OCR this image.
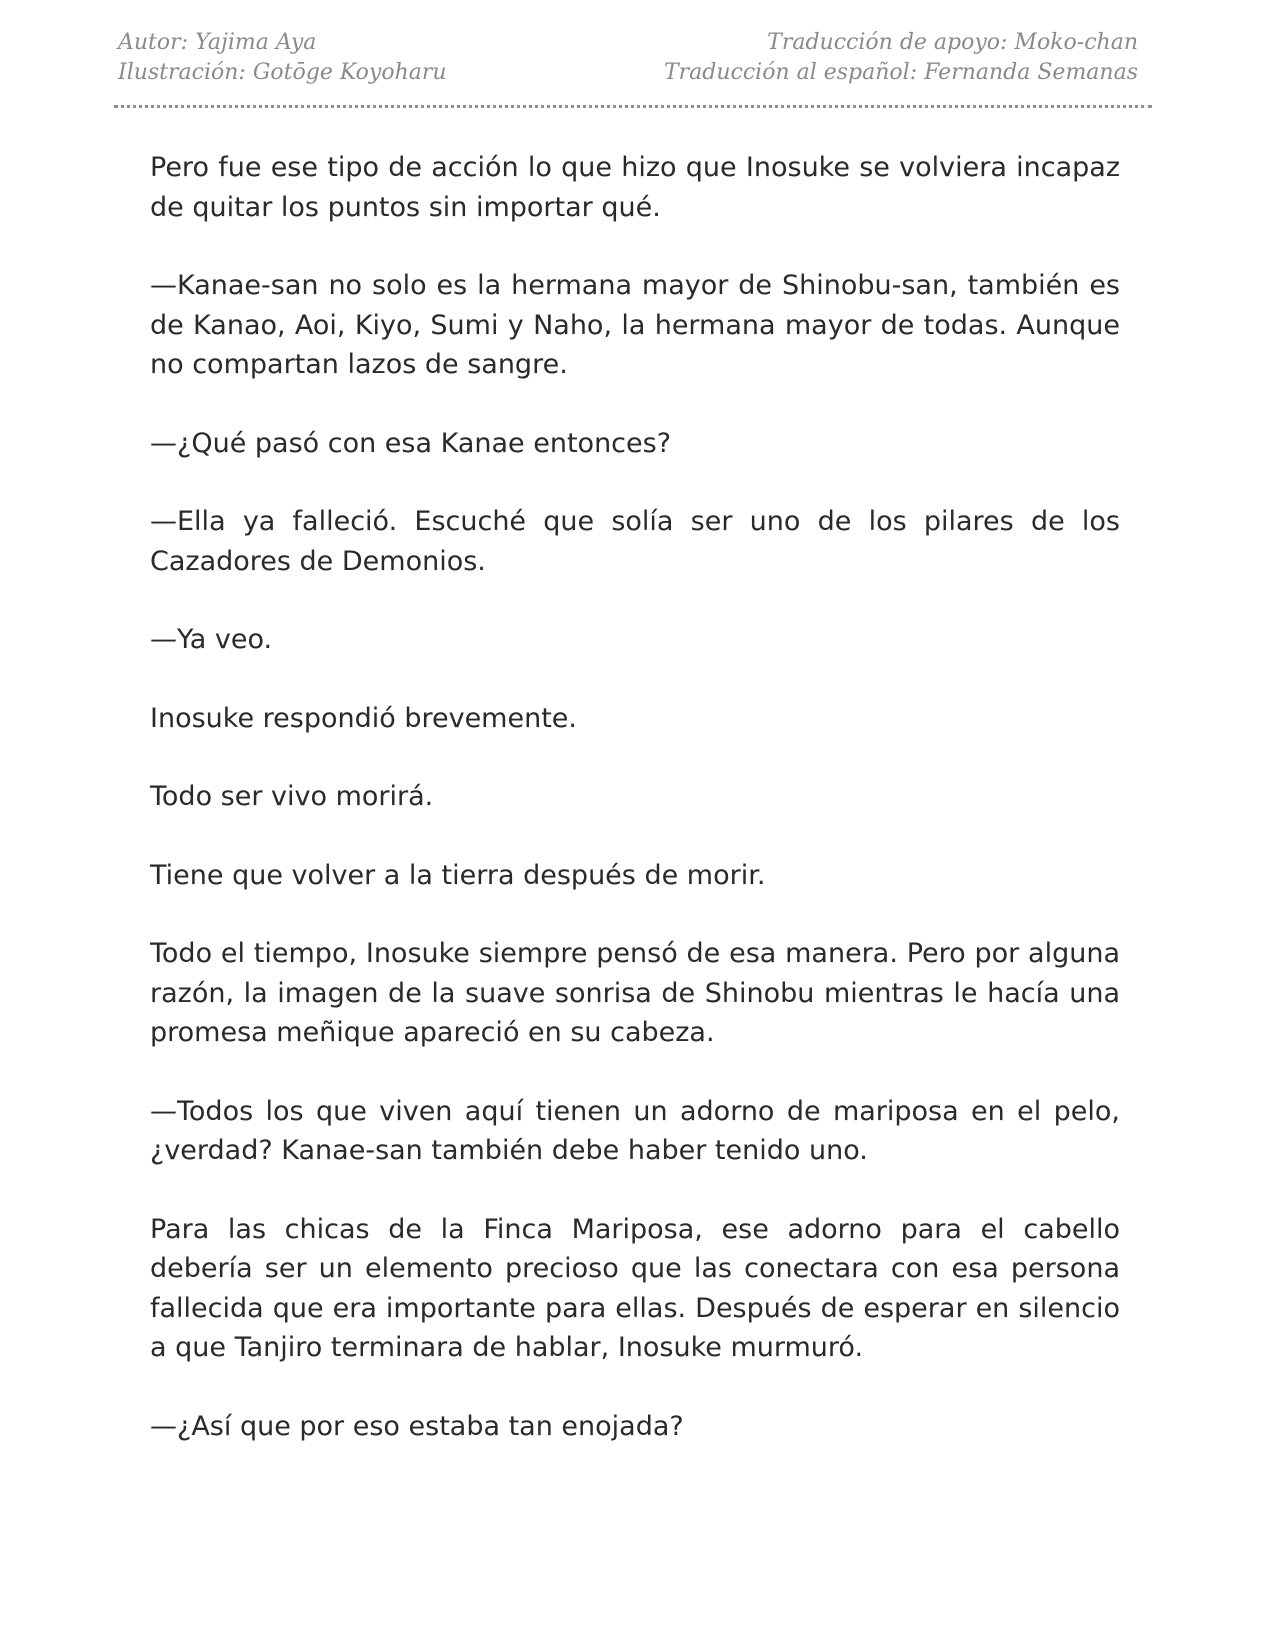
Autor: Yajima Aya
Ilustración: Gotōge Koyoharu
Traducción de apoyo: Moko-chan
Traducción al español: Fernanda Semanas

Pero fue ese tipo de acción lo que hizo que Inosuke se volviera incapaz de quitar los puntos sin importar qué.

—Kanae-san no solo es la hermana mayor de Shinobu-san, también es de Kanao, Aoi, Kiyo, Sumi y Naho, la hermana mayor de todas. Aunque no compartan lazos de sangre.

—¿Qué pasó con esa Kanae entonces?

—Ella ya falleció. Escuché que solía ser uno de los pilares de los Cazadores de Demonios.

—Ya veo.

Inosuke respondió brevemente.

Todo ser vivo morirá.

Tiene que volver a la tierra después de morir.

Todo el tiempo, Inosuke siempre pensó de esa manera. Pero por alguna razón, la imagen de la suave sonrisa de Shinobu mientras le hacía una promesa meñique apareció en su cabeza.

—Todos los que viven aquí tienen un adorno de mariposa en el pelo, ¿verdad? Kanae-san también debe haber tenido uno.

Para las chicas de la Finca Mariposa, ese adorno para el cabello debería ser un elemento precioso que las conectara con esa persona fallecida que era importante para ellas. Después de esperar en silencio a que Tanjiro terminara de hablar, Inosuke murmuró.

—¿Así que por eso estaba tan enojada?
